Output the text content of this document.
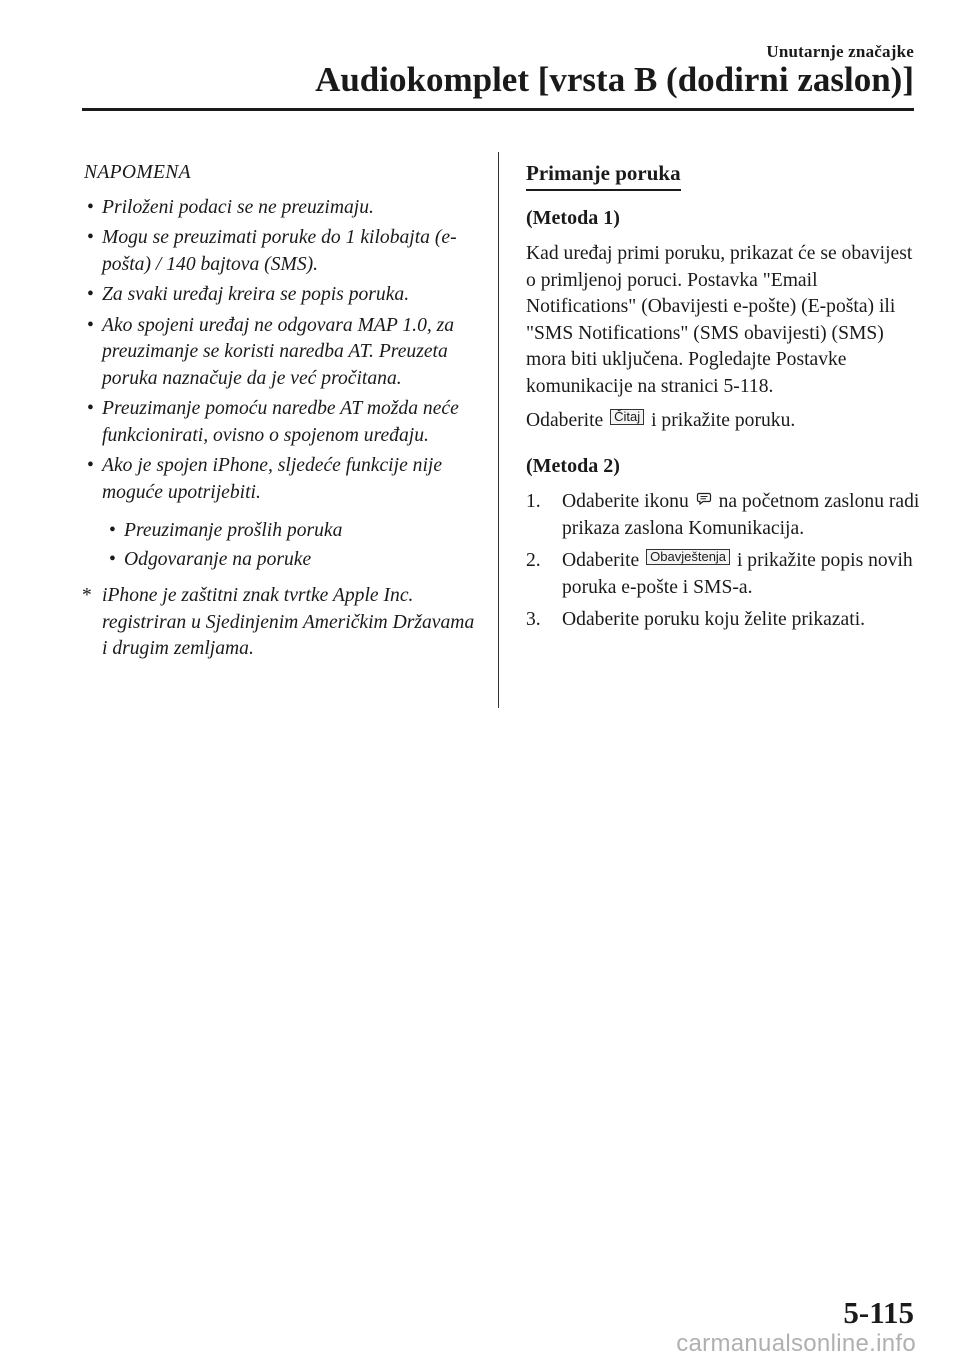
Unutarnje značajke
Audiokomplet [vrsta B (dodirni zaslon)]
NAPOMENA
• Priloženi podaci se ne preuzimaju.
• Mogu se preuzimati poruke do 1 kilobajta (e-pošta) / 140 bajtova (SMS).
• Za svaki uređaj kreira se popis poruka.
• Ako spojeni uređaj ne odgovara MAP 1.0, za preuzimanje se koristi naredba AT. Preuzeta poruka naznačuje da je već pročitana.
• Preuzimanje pomoću naredbe AT možda neće funkcionirati, ovisno o spojenom uređaju.
• Ako je spojen iPhone, sljedeće funkcije nije moguće upotrijebiti.
• Preuzimanje prošlih poruka
• Odgovaranje na poruke
* iPhone je zaštitni znak tvrtke Apple Inc. registriran u Sjedinjenim Američkim Državama i drugim zemljama.
Primanje poruka
(Metoda 1)
Kad uređaj primi poruku, prikazat će se obavijest o primljenoj poruci. Postavka "Email Notifications" (Obavijesti e-pošte) (E-pošta) ili "SMS Notifications" (SMS obavijesti) (SMS) mora biti uključena. Pogledajte Postavke komunikacije na stranici 5-118.
Odaberite Čitaj i prikažite poruku.
(Metoda 2)
1. Odaberite ikonu na početnom zaslonu radi prikaza zaslona Komunikacija.
2. Odaberite Obavještenja i prikažite popis novih poruka e-pošte i SMS-a.
3. Odaberite poruku koju želite prikazati.
5-115
carmanualsonline.info
